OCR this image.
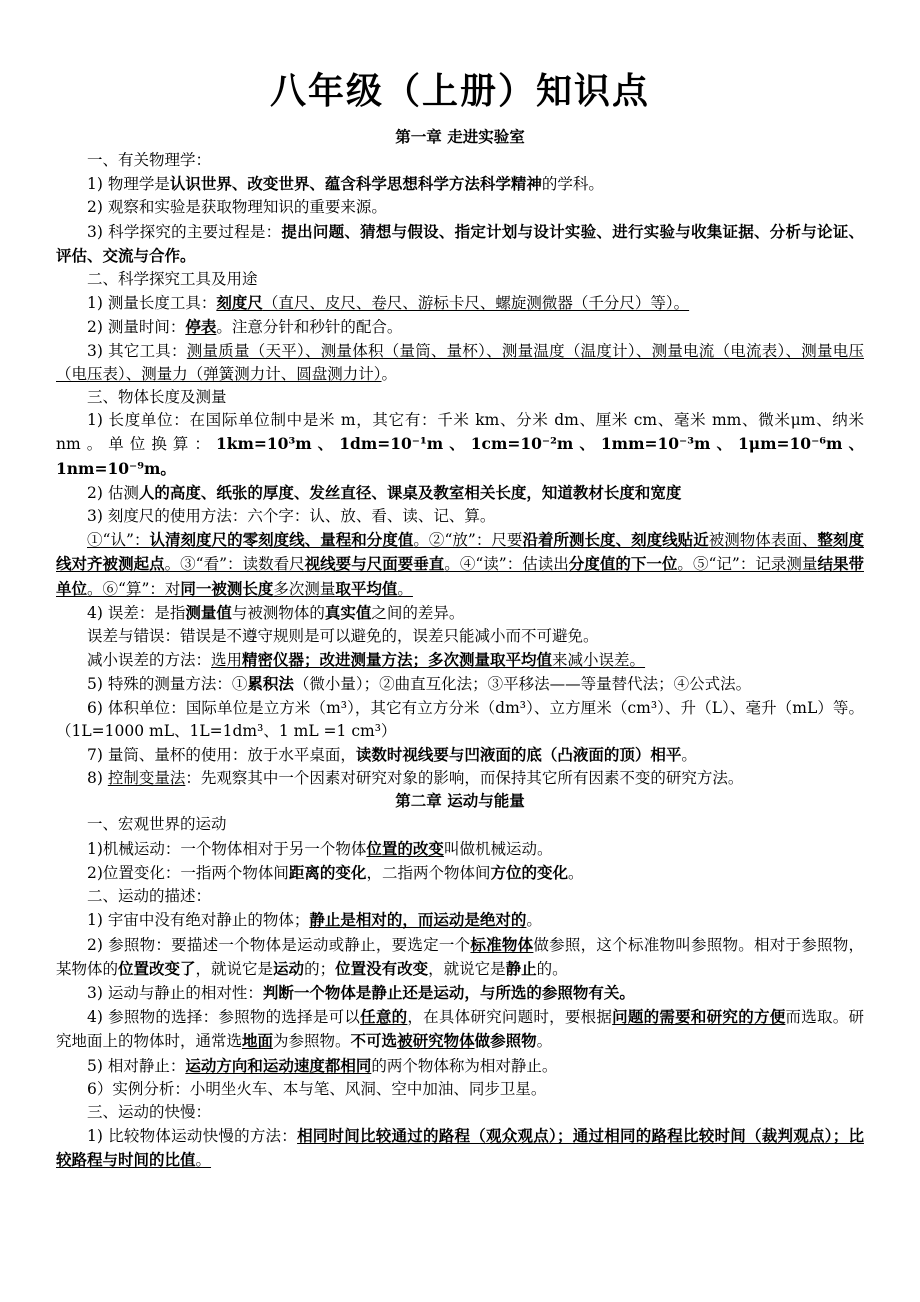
八年级（上册）知识点
第一章 走进实验室

一、有关物理学：

1) 物理学是认识世界、改变世界、蕴含科学思想科学方法科学精神的学科。

2) 观察和实验是获取物理知识的重要来源。

3) 科学探究的主要过程是：提出问题、猜想与假设、指定计划与设计实验、进行实验与收集证据、分析与论证、评估、交流与合作。

二、科学探究工具及用途

1) 测量长度工具：刻度尺（直尺、皮尺、卷尺、游标卡尺、螺旋测微器（千分尺）等）。

2) 测量时间：停表。注意分针和秒针的配合。

3) 其它工具：测量质量（天平）、测量体积（量筒、量杯）、测量温度（温度计）、测量电流（电流表）、测量电压（电压表）、测量力（弹簧测力计、圆盘测力计）。

三、物体长度及测量

1) 长度单位：在国际单位制中是米 m，其它有：千米 km、分米 dm、厘米 cm、毫米 mm、微米μm、纳米 nm。单位换算：1km=10³m、1dm=10⁻¹m、1cm=10⁻²m、1mm=10⁻³m、1μm=10⁻⁶m、1nm=10⁻⁹m。

2) 估测人的高度、纸张的厚度、发丝直径、课桌及教室相关长度，知道教材长度和宽度

3) 刻度尺的使用方法：六个字：认、放、看、读、记、算。

①“认”：认清刻度尺的零刻度线、量程和分度值。②“放”：尺要沿着所测长度、刻度线贴近被测物体表面、整刻度线对齐被测起点。③“看”：读数看尺视线要与尺面要垂直。④“读”：估读出分度值的下一位。⑤“记”：记录测量结果带单位。⑥“算”：对同一被测长度多次测量取平均值。

4) 误差：是指测量值与被测物体的真实值之间的差异。

误差与错误：错误是不遵守规则是可以避免的，误差只能减小而不可避免。

减小误差的方法：选用精密仪器；改进测量方法；多次测量取平均值来减小误差。

5) 特殊的测量方法：①累积法（微小量）；②曲直互化法；③平移法——等量替代法；④公式法。

6) 体积单位：国际单位是立方米（m³），其它有立方分米（dm³）、立方厘米（cm³）、升（L）、毫升（mL）等。（1L=1000 mL、1L=1dm³、1 mL =1 cm³）

7) 量筒、量杯的使用：放于水平桌面，读数时视线要与凹液面的底（凸液面的顶）相平。

8) 控制变量法：先观察其中一个因素对研究对象的影响，而保持其它所有因素不变的研究方法。

第二章 运动与能量

一、宏观世界的运动

1)机械运动：一个物体相对于另一个物体位置的改变叫做机械运动。

2)位置变化：一指两个物体间距离的变化，二指两个物体间方位的变化。

二、运动的描述：

1) 宇宙中没有绝对静止的物体；静止是相对的，而运动是绝对的。

2) 参照物：要描述一个物体是运动或静止，要选定一个标准物体做参照，这个标准物叫参照物。相对于参照物，某物体的位置改变了，就说它是运动的；位置没有改变，就说它是静止的。

3) 运动与静止的相对性：判断一个物体是静止还是运动，与所选的参照物有关。

4) 参照物的选择：参照物的选择是可以任意的，在具体研究问题时，要根据问题的需要和研究的方便而选取。研究地面上的物体时，通常选地面为参照物。不可选被研究物体做参照物。

5) 相对静止：运动方向和运动速度都相同的两个物体称为相对静止。

6）实例分析：小明坐火车、本与笔、风洞、空中加油、同步卫星。

三、运动的快慢：

1) 比较物体运动快慢的方法：相同时间比较通过的路程（观众观点）；通过相同的路程比较时间（裁判观点）；比较路程与时间的比值。
